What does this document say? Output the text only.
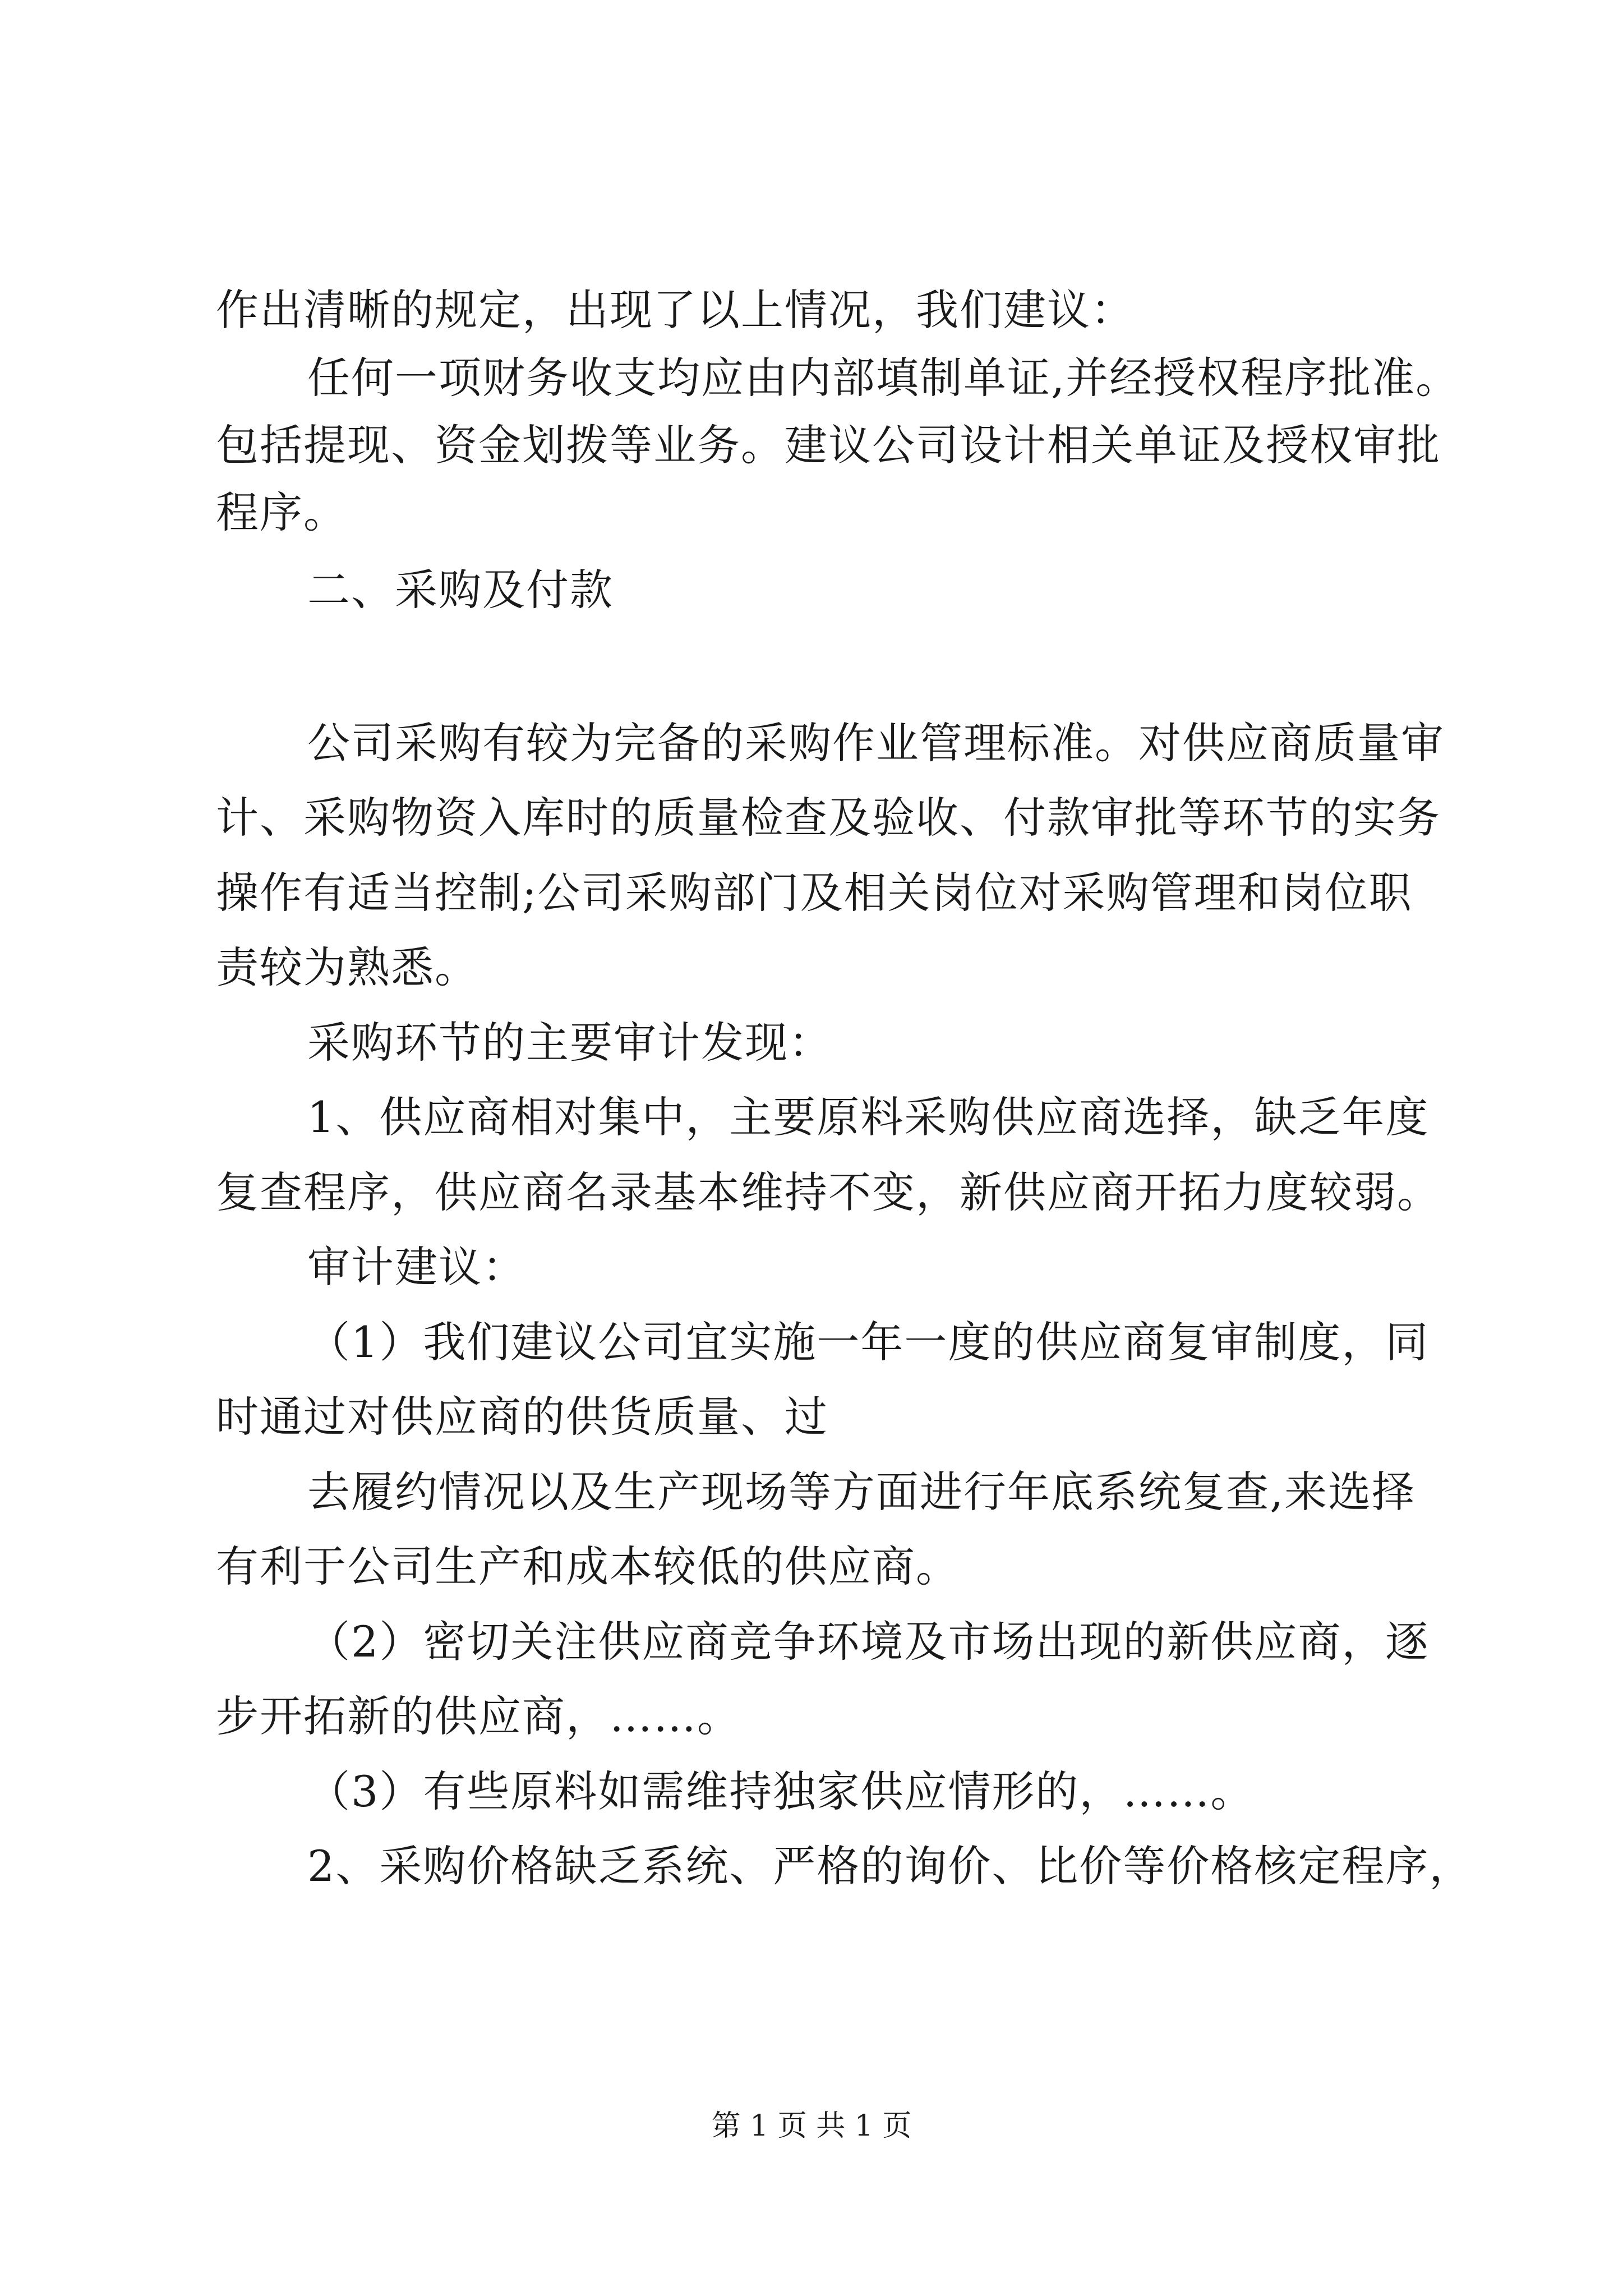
作出清晰的规定，出现了以上情况，我们建议：
任何一项财务收支均应由内部填制单证,并经授权程序批准。
包括提现、资金划拨等业务。建议公司设计相关单证及授权审批
程序。
二、采购及付款
公司采购有较为完备的采购作业管理标准。对供应商质量审
计、采购物资入库时的质量检查及验收、付款审批等环节的实务
操作有适当控制;公司采购部门及相关岗位对采购管理和岗位职
责较为熟悉。
采购环节的主要审计发现：
1、供应商相对集中，主要原料采购供应商选择，缺乏年度
复查程序，供应商名录基本维持不变，新供应商开拓力度较弱。
审计建议：
（1）我们建议公司宜实施一年一度的供应商复审制度，同
时通过对供应商的供货质量、过
去履约情况以及生产现场等方面进行年底系统复查,来选择
有利于公司生产和成本较低的供应商。
（2）密切关注供应商竞争环境及市场出现的新供应商，逐
步开拓新的供应商，……。
（3）有些原料如需维持独家供应情形的，……。
2、采购价格缺乏系统、严格的询价、比价等价格核定程序，
第 1 页 共 1 页
